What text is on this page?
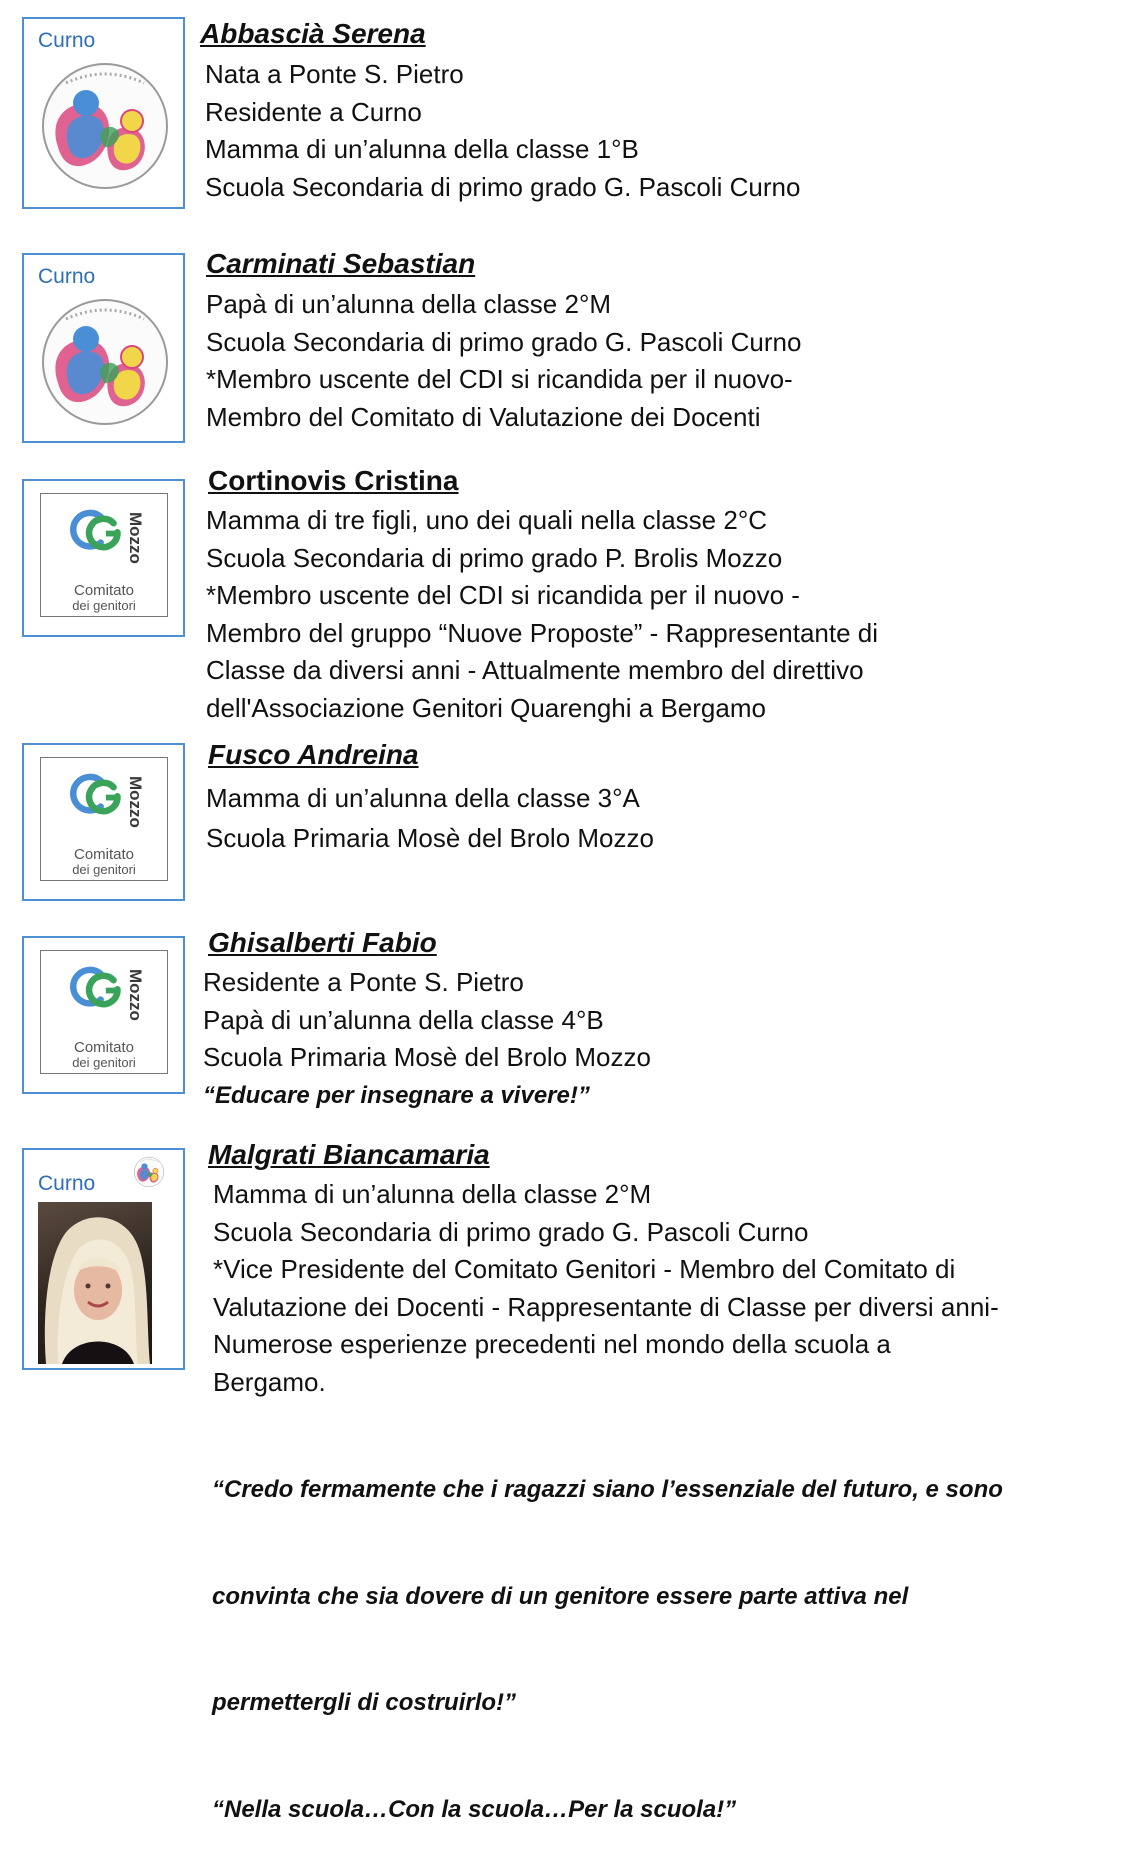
Curno	Abbascià Serena
Nata a Ponte S. Pietro
Residente a Curno
Mamma di un’alunna della classe 1°B
Scuola Secondaria di primo grado G. Pascoli Curno
Curno	Carminati Sebastian
Papà di un’alunna della classe 2°M
Scuola Secondaria di primo grado G. Pascoli Curno
*Membro uscente del CDI si ricandida per il nuovo-
Membro del Comitato di Valutazione dei Docenti
Mozzo
Comitato
dei genitori
Cortinovis Cristina
Mamma di tre figli, uno dei quali nella classe 2°C
Scuola Secondaria di primo grado P. Brolis Mozzo
*Membro uscente del CDI si ricandida per il nuovo -
Membro del gruppo “Nuove Proposte” - Rappresentante di
Classe da diversi anni - Attualmente membro del direttivo
dell'Associazione Genitori Quarenghi a Bergamo
Mozzo
Comitato
dei genitori
Fusco Andreina
Mamma di un’alunna della classe 3°A
Scuola Primaria Mosè del Brolo Mozzo
Mozzo
Comitato
dei genitori
Ghisalberti Fabio
Residente a Ponte S. Pietro
Papà di un’alunna della classe 4°B
Scuola Primaria Mosè del Brolo Mozzo
“Educare per insegnare a vivere!”
Curno
Malgrati Biancamaria
Mamma di un’alunna della classe 2°M
Scuola Secondaria di primo grado G. Pascoli Curno
*Vice Presidente del Comitato Genitori - Membro del Comitato di
Valutazione dei Docenti - Rappresentante di Classe per diversi anni-
Numerose esperienze precedenti nel mondo della scuola a
Bergamo.

“Credo fermamente che i ragazzi siano l’essenziale del futuro, e sono

convinta che sia dovere di un genitore essere parte attiva nel

permettergli di costruirlo!”

“Nella scuola…Con la scuola…Per la scuola!”
